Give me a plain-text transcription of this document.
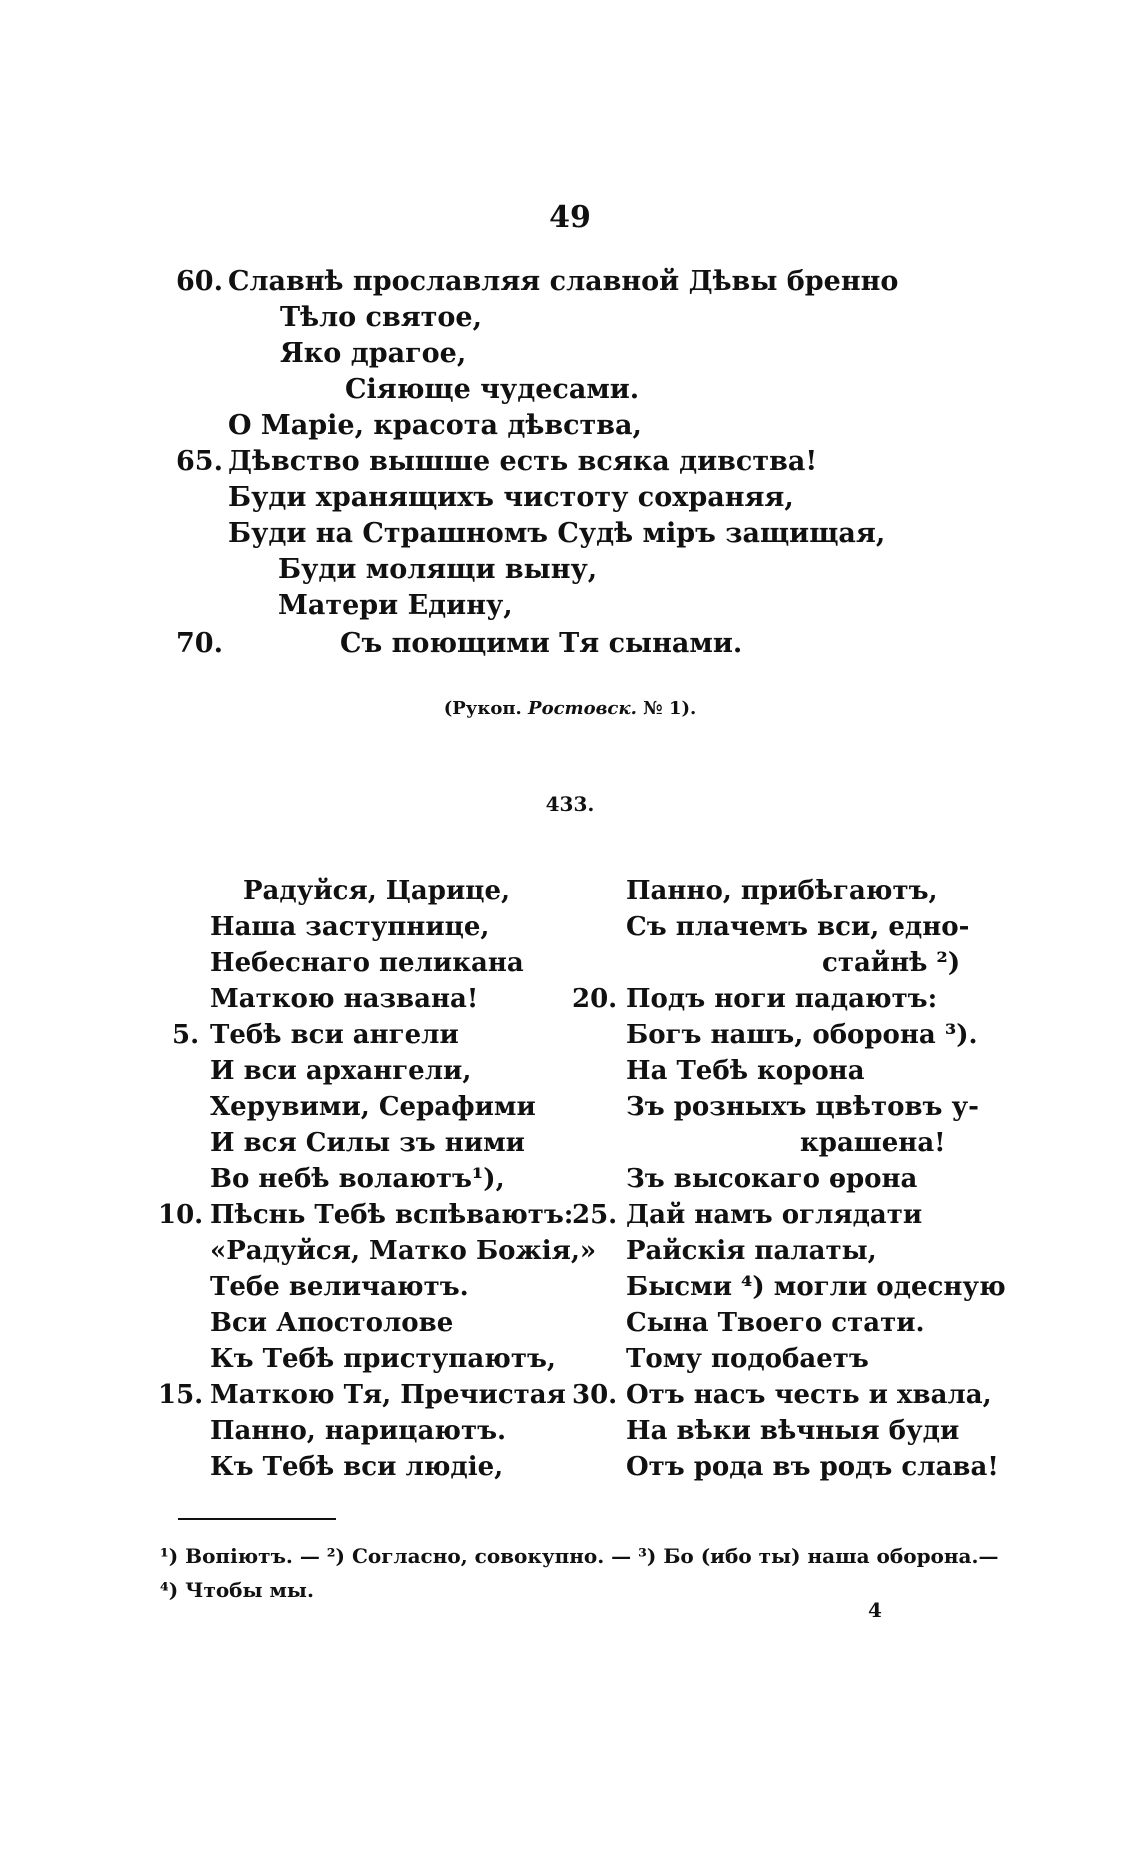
49
60. Славнѣ прославляя славной Дѣвы бренно
Тѣло святое,
Яко драгое,
Сіяюще чудесами.
О Маріе, красота дѣвства,
65. Дѣвство вышше есть всяка дивства!
Буди хранящихъ чистоту сохраняя,
Буди на Страшномъ Судѣ міръ защищая,
Буди молящи выну,
Матери Едину,
70.	Съ поющими Тя сынами.
(Рукоп. Ростовск. № 1).
433.
Радуйся, Царице,
Наша заступнице,
Небеснаго пеликана
Маткою названа!
5. Тебѣ вси ангели
И вси архангели,
Херувими, Серафими
И вся Силы зъ ними
Во небѣ волаютъ¹),
10. Пѣснь Тебѣ вспѣваютъ:
«Радуйся, Матко Божія,»
Тебе величаютъ.
Вси Апостолове
Къ Тебѣ приступаютъ,
15. Маткою Тя, Пречистая
Панно, нарицаютъ.
Къ Тебѣ вси людіе,
Панно, прибѣгаютъ,
Съ плачемъ вси, едно-
стайнѣ ²)
20. Подъ ноги падаютъ:
Богъ нашъ, оборона ³).
На Тебѣ корона
Зъ розныхъ цвѣтовъ у-
крашена!
Зъ высокаго ѳрона
25. Дай намъ оглядати
Райскія палаты,
Бысми ⁴) могли одесную
Сына Твоего стати.
Тому подобаетъ
30. Отъ насъ честь и хвала,
На вѣки вѣчныя буди
Отъ рода въ родъ слава!
¹) Вопіютъ. — ²) Согласно, совокупно. — ³) Бо (ибо ты) наша оборона.—
⁴) Чтобы мы.
4
